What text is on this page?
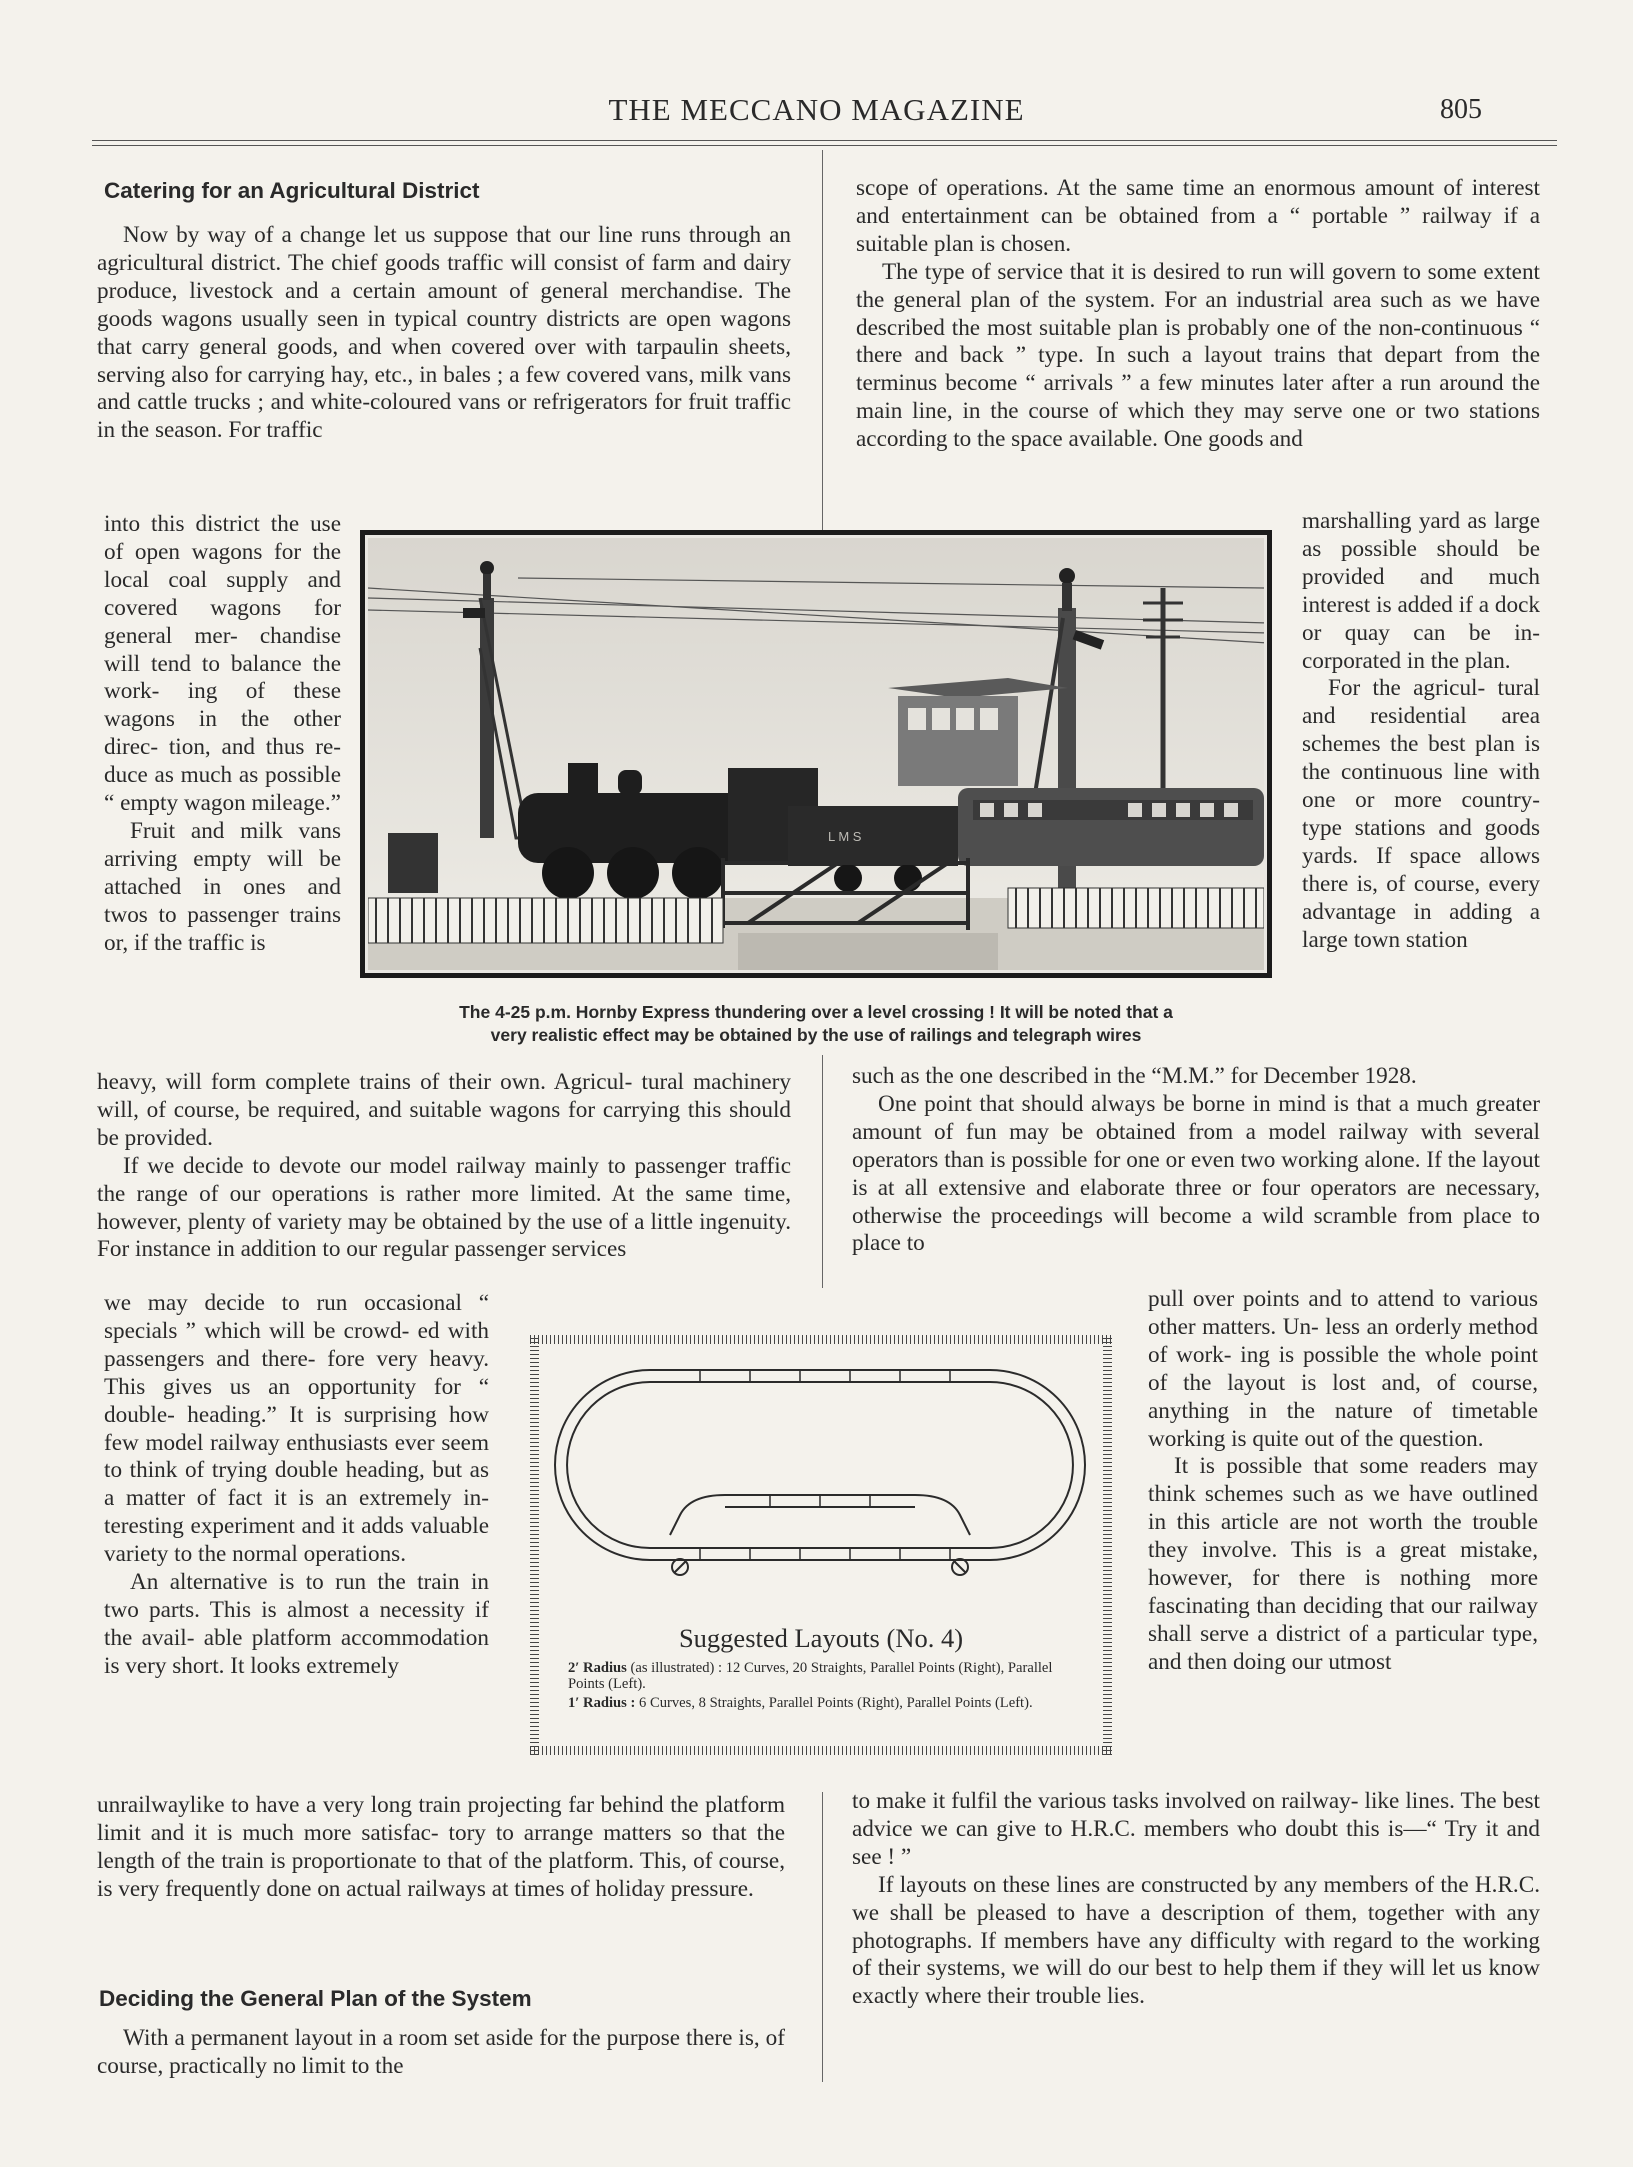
THE MECCANO MAGAZINE	805
Catering for an Agricultural District

Now by way of a change let us suppose that our line runs through an agricultural district. The chief goods traffic will consist of farm and dairy produce, livestock and a certain amount of general merchandise. The goods wagons usually seen in typical country districts are open wagons that carry general goods, and when covered over with tarpaulin sheets, serving also for carrying hay, etc., in bales ; a few covered vans, milk vans and cattle trucks ; and white-coloured vans or refrigerators for fruit traffic in the season. For traffic

into this district the use of open wagons for the local coal supply and covered wagons for general mer- chandise will tend to balance the work- ing of these wagons in the other direc- tion, and thus re- duce as much as possible “ empty wagon mileage.”

Fruit and milk vans arriving empty will be attached in ones and twos to passenger trains or, if the traffic is

heavy, will form complete trains of their own. Agricul- tural machinery will, of course, be required, and suitable wagons for carrying this should be provided.

If we decide to devote our model railway mainly to passenger traffic the range of our operations is rather more limited. At the same time, however, plenty of variety may be obtained by the use of a little ingenuity. For instance in addition to our regular passenger services

we may decide to run occasional “ specials ” which will be crowd- ed with passengers and there- fore very heavy. This gives us an opportunity for “ double- heading.” It is surprising how few model railway enthusiasts ever seem to think of trying double heading, but as a matter of fact it is an extremely in- teresting experiment and it adds valuable variety to the normal operations.

An alternative is to run the train in two parts. This is almost a necessity if the avail- able platform accommodation is very short. It looks extremely

unrailwaylike to have a very long train projecting far behind the platform limit and it is much more satisfac- tory to arrange matters so that the length of the train is proportionate to that of the platform. This, of course, is very frequently done on actual railways at times of holiday pressure.

Deciding the General Plan of the System

With a permanent layout in a room set aside for the purpose there is, of course, practically no limit to the

scope of operations. At the same time an enormous amount of interest and entertainment can be obtained from a “ portable ” railway if a suitable plan is chosen.

The type of service that it is desired to run will govern to some extent the general plan of the system. For an industrial area such as we have described the most suitable plan is probably one of the non-continuous “ there and back ” type. In such a layout trains that depart from the terminus become “ arrivals ” a few minutes later after a run around the main line, in the course of which they may serve one or two stations according to the space available. One goods and

marshalling yard as large as possible should be provided and much interest is added if a dock or quay can be in- corporated in the plan.

For the agricul- tural and residential area schemes the best plan is the continuous line with one or more country- type stations and goods yards. If space allows there is, of course, every advantage in adding a large town station

such as the one described in the “M.M.” for December 1928.

One point that should always be borne in mind is that a much greater amount of fun may be obtained from a model railway with several operators than is possible for one or even two working alone. If the layout is at all extensive and elaborate three or four operators are necessary, otherwise the proceedings will become a wild scramble from place to place to

pull over points and to attend to various other matters. Un- less an orderly method of work- ing is possible the whole point of the layout is lost and, of course, anything in the nature of timetable working is quite out of the question.

It is possible that some readers may think schemes such as we have outlined in this article are not worth the trouble they involve. This is a great mistake, however, for there is nothing more fascinating than deciding that our railway shall serve a district of a particular type, and then doing our utmost

to make it fulfil the various tasks involved on railway- like lines. The best advice we can give to H.R.C. members who doubt this is—“ Try it and see ! ”

If layouts on these lines are constructed by any members of the H.R.C. we shall be pleased to have a description of them, together with any photographs. If members have any difficulty with regard to the working of their systems, we will do our best to help them if they will let us know exactly where their trouble lies.

L M S
The 4-25 p.m. Hornby Express thundering over a level crossing ! It will be noted that a
very realistic effect may be obtained by the use of railings and telegraph wires
Suggested Layouts (No. 4)
2′ Radius (as illustrated) : 12 Curves, 20 Straights, Parallel Points (Right), Parallel Points (Left).
1′ Radius : 6 Curves, 8 Straights, Parallel Points (Right), Parallel Points (Left).
